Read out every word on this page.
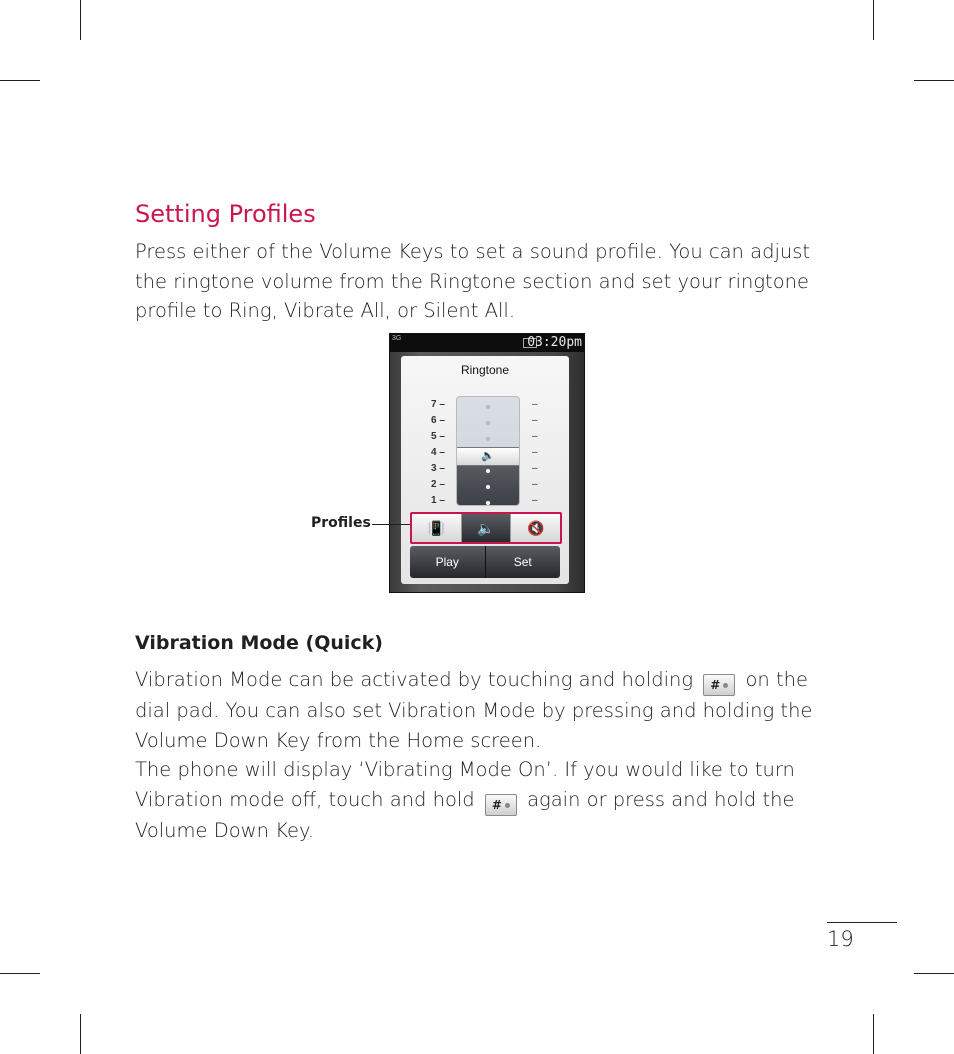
Setting Profiles

Press either of the Volume Keys to set a sound profile. You can adjust the ringtone volume from the Ringtone section and set your ringtone profile to Ring, Vibrate All, or Silent All.

3G	03:20pm
Ringtone
7 –	–
6 –	–
5 –	–
4 –	–
3 –	–
2 –	–
1 –	–
🔈
📳 🔈 🔇
Play	Set
Profiles
Vibration Mode (Quick)

Vibration Mode can be activated by touching and holding # on the dial pad. You can also set Vibration Mode by pressing and holding the Volume Down Key from the Home screen.

The phone will display ‘Vibrating Mode On’. If you would like to turn Vibration mode off, touch and hold # again or press and hold the Volume Down Key.

19
